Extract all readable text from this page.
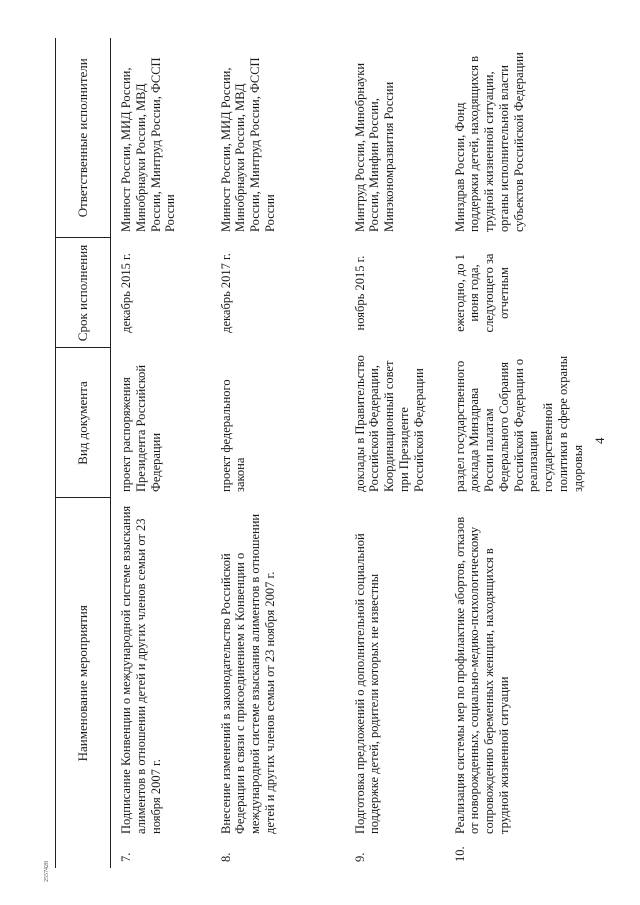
4
2557428
Наименование мероприятия	Вид документа	Срок исполнения	Ответственные исполнители

7.	Подписание Конвенции о международной системе взыскания алиментов в отношении детей и других членов семьи от 23 ноября 2007 г.
	проект распоряжения Президента Российской Федерации	декабрь 2015 г.	Минюст России, МИД России, Минобрнауки России, МВД России, Минтруд России, ФССП России

8.	Внесение изменений в законодательство Российской Федерации в связи с присоединением к Конвенции о международной системе взыскания алиментов в отношении детей и других членов семьи от 23 ноября 2007 г.
	проект федерального закона	декабрь 2017 г.	Минюст России, МИД России, Минобрнауки России, МВД России, Минтруд России, ФССП России

9.	Подготовка предложений о дополнительной социальной поддержке детей, родители которых не известны
	доклады в Правительство Российской Федерации, Координационный совет при Президенте Российской Федерации	ноябрь 2015 г.	Минтруд России, Минобрнауки России, Минфин России, Минэкономразвития России

10.	Реализация системы мер по профилактике абортов, отказов от новорожденных, социально-медико-психологическому сопровождению беременных женщин, находящихся в трудной жизненной ситуации
	раздел государственного доклада Минздрава России палатам Федерального Собрания Российской Федерации о реализации государственной политики в сфере охраны здоровья	ежегодно, до 1 июня года, следующего за отчетным	Минздрав России, Фонд поддержки детей, находящихся в трудной жизненной ситуации, органы исполнительной власти субъектов Российской Федерации
